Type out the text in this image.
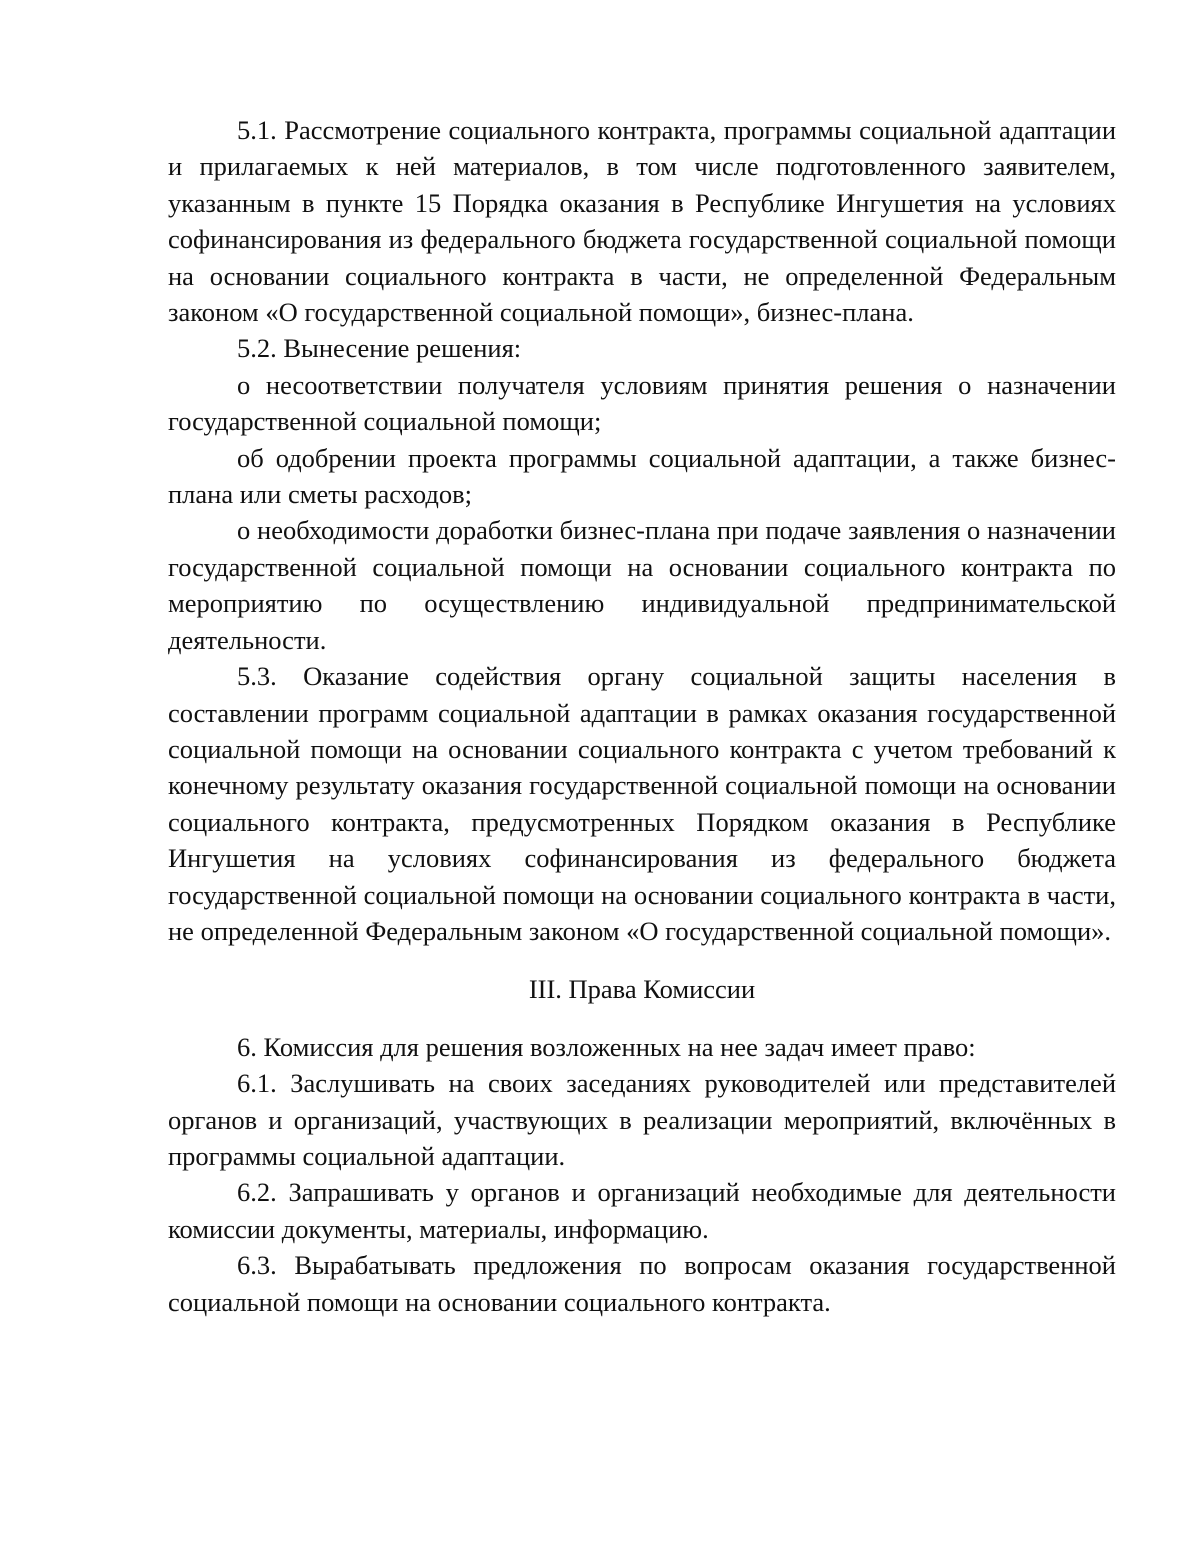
5.1. Рассмотрение социального контракта, программы социальной адаптации и прилагаемых к ней материалов, в том числе подготовленного заявителем, указанным в пункте 15 Порядка оказания в Республике Ингушетия на условиях софинансирования из федерального бюджета государственной социальной помощи на основании социального контракта в части, не определенной Федеральным законом «О государственной социальной помощи», бизнес-плана.

5.2. Вынесение решения:

о несоответствии получателя условиям принятия решения о назначении государственной социальной помощи;

об одобрении проекта программы социальной адаптации, а также бизнес-плана или сметы расходов;

о необходимости доработки бизнес-плана при подаче заявления о назначении государственной социальной помощи на основании социального контракта по мероприятию по осуществлению индивидуальной предпринимательской деятельности.

5.3. Оказание содействия органу социальной защиты населения в составлении программ социальной адаптации в рамках оказания государственной социальной помощи на основании социального контракта с учетом требований к конечному результату оказания государственной социальной помощи на основании социального контракта, предусмотренных Порядком оказания в Республике Ингушетия на условиях софинансирования из федерального бюджета государственной социальной помощи на основании социального контракта в части, не определенной Федеральным законом «О государственной социальной помощи».

III. Права Комиссии

6. Комиссия для решения возложенных на нее задач имеет право:

6.1. Заслушивать на своих заседаниях руководителей или представителей органов и организаций, участвующих в реализации мероприятий, включённых в программы социальной адаптации.

6.2. Запрашивать у органов и организаций необходимые для деятельности комиссии документы, материалы, информацию.

6.3. Вырабатывать предложения по вопросам оказания государственной социальной помощи на основании социального контракта.
